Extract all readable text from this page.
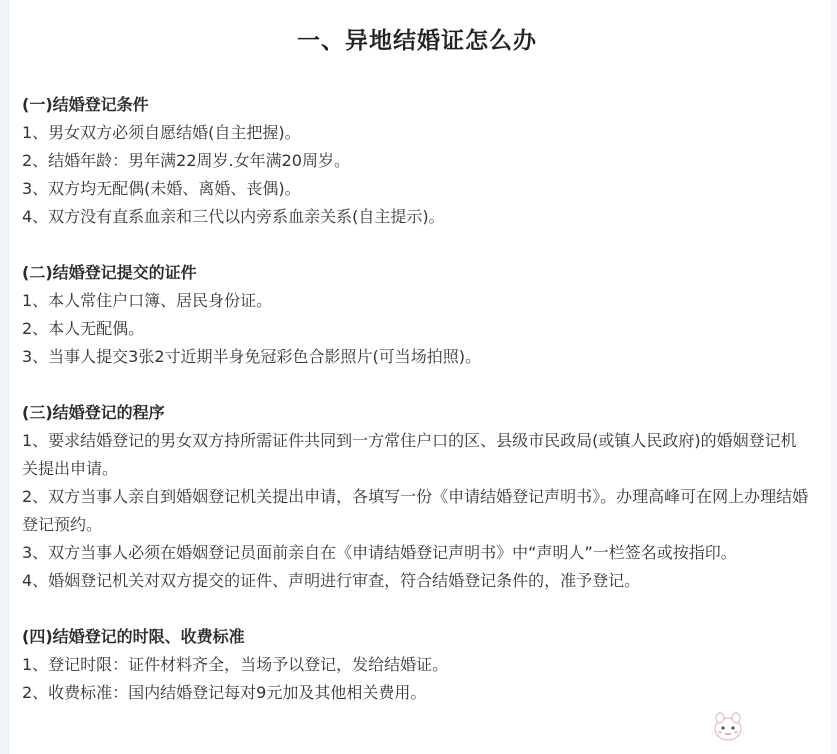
一、异地结婚证怎么办
(一)结婚登记条件
1、男女双方必须自愿结婚(自主把握)。
2、结婚年龄：男年满22周岁.女年满20周岁。
3、双方均无配偶(未婚、离婚、丧偶)。
4、双方没有直系血亲和三代以内旁系血亲关系(自主提示)。
(二)结婚登记提交的证件
1、本人常住户口簿、居民身份证。
2、本人无配偶。
3、当事人提交3张2寸近期半身免冠彩色合影照片(可当场拍照)。
(三)结婚登记的程序
1、要求结婚登记的男女双方持所需证件共同到一方常住户口的区、县级市民政局(或镇人民政府)的婚姻登记机关提出申请。
2、双方当事人亲自到婚姻登记机关提出申请，各填写一份《申请结婚登记声明书》。办理高峰可在网上办理结婚登记预约。
3、双方当事人必须在婚姻登记员面前亲自在《申请结婚登记声明书》中“声明人”一栏签名或按指印。
4、婚姻登记机关对双方提交的证件、声明进行审查，符合结婚登记条件的，准予登记。
(四)结婚登记的时限、收费标准
1、登记时限：证件材料齐全，当场予以登记，发给结婚证。
2、收费标准：国内结婚登记每对9元加及其他相关费用。
